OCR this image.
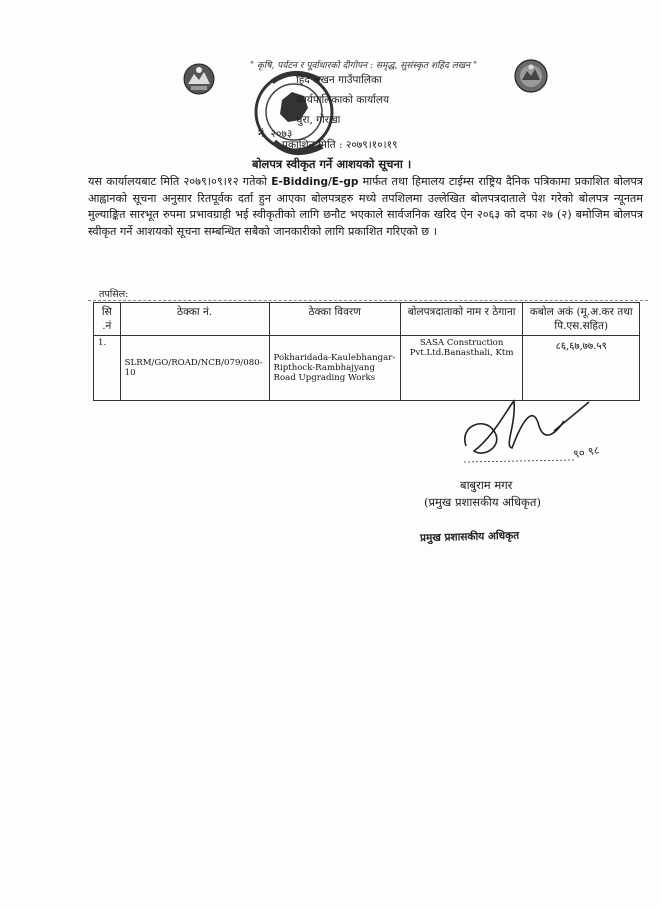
" कृषि, पर्यटन र पूर्वाधारको दीगोपन : समृद्ध, सुसंस्कृत शहिद लखन "
हिद लखन गाउँपालिका
कार्यपालिकाको कार्यालय
धुरा, गोरखा
नं. २०७३
प्रकाशित मिति : २०७९।१०।१९
बोलपत्र स्वीकृत गर्ने आशयको सूचना ।
यस कार्यालयबाट मिति २०७९।०९।१२ गतेको E-Bidding/E-gp मार्फत तथा हिमालय टाईम्स राष्ट्रिय दैनिक पत्रिकामा प्रकाशित बोलपत्र आह्वानको सूचना अनुसार रितपूर्वक दर्ता हुन आएका बोलपत्रहरु मध्ये तपशिलमा उल्लेखित बोलपत्रदाताले पेश गरेको बोलपत्र न्यूनतम मुल्याङ्कित सारभूत रुपमा प्रभावग्राही भई स्वीकृतीको लागि छनौट भएकाले सार्वजनिक खरिद ऐन २०६३ को दफा २७ (२) बमोजिम बोलपत्र स्वीकृत गर्ने आशयको सूचना सम्बन्धित सबैको जानकारीको लागि प्रकाशित गरिएको छ ।
तपसिल:
सि .नं	ठेक्का नं.	ठेक्का विवरण	बोलपत्रदाताको नाम र ठेगाना	कबोल अकं (मू.अ.कर तथा पि.एस.सहित)
1.	SLRM/GO/ROAD/NCB/079/080-10	Pokharidada-Kaulebhangar-Ripthock-Rambhajyang Road Upgrading Works	SASA Construction Pvt.Ltd.Banasthali, Ktm	८६,६७,७७.५९
९० ९८
बाबुराम मगर
(प्रमुख प्रशासकीय अधिकृत)
प्रमुख प्रशासकीय अधिकृत
